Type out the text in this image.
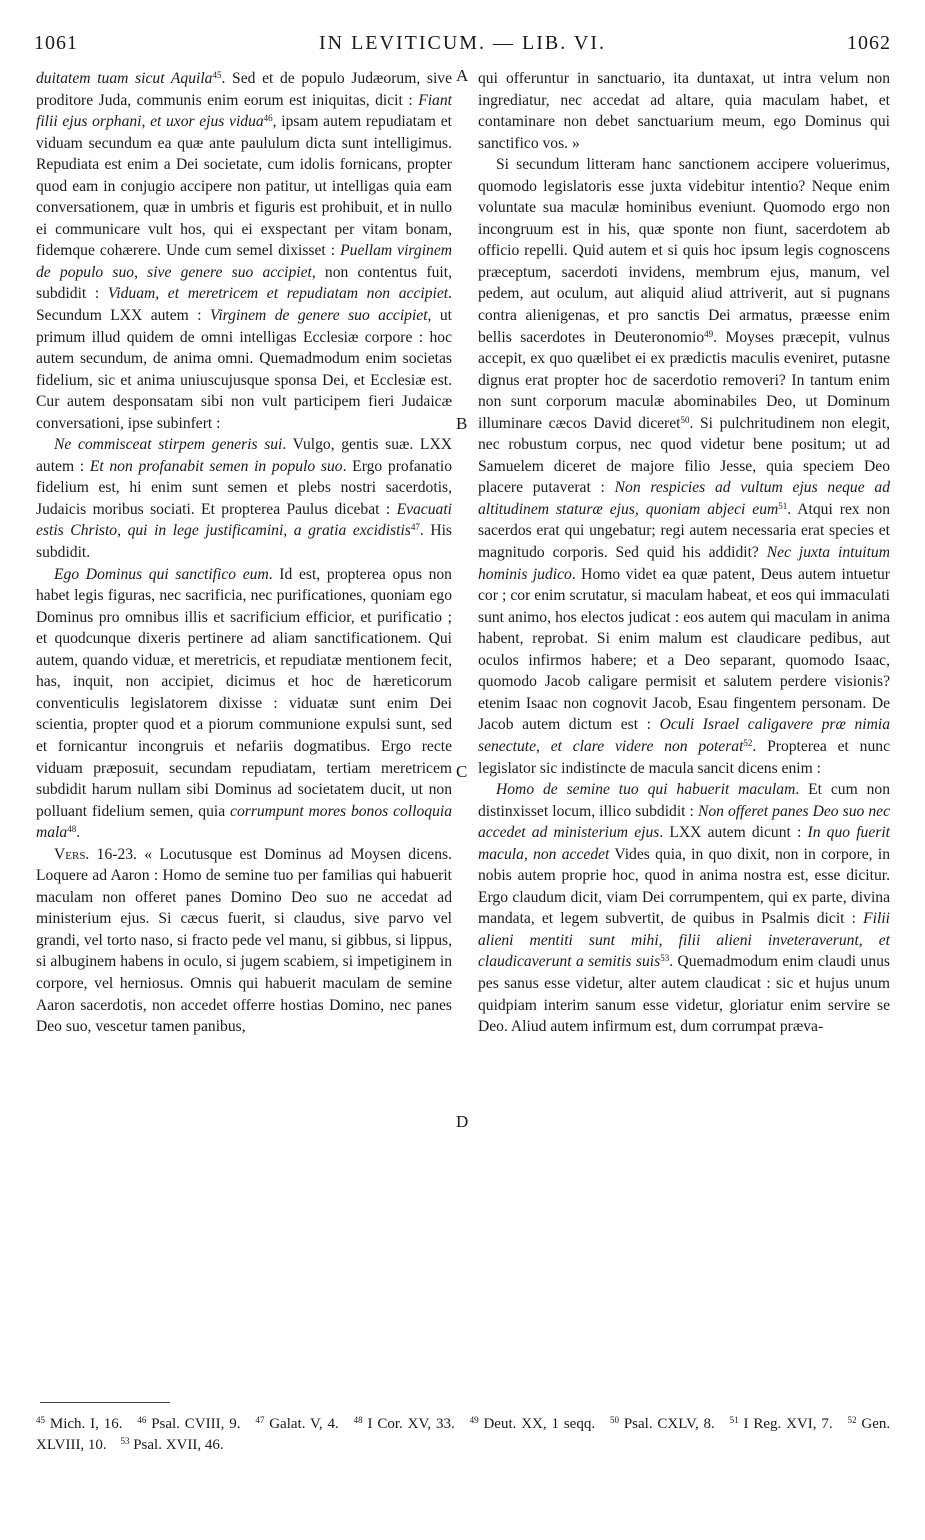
1061	IN LEVITICUM. — LIB. VI.	1062

duitatem tuam sicut Aquila$^{45}$. Sed et de populo Judæorum, sive proditore Juda, communis enim eorum est iniquitas, dicit : Fiant filii ejus orphani, et uxor ejus vidua$^{46}$, ipsam autem repudiatam et viduam secundum ea quæ ante paululum dicta sunt intelligimus. Repudiata est enim a Dei societate, cum idolis fornicans, propter quod eam in conjugio accipere non patitur, ut intelligas quia eam conversationem, quæ in umbris et figuris est prohibuit, et in nullo ei communicare vult hos, qui ei exspectant per vitam bonam, fidemque cohærere. Unde cum semel dixisset : Puellam virginem de populo suo, sive genere suo accipiet, non contentus fuit, subdidit : Viduam, et meretricem et repudiatam non accipiet. Secundum LXX autem : Virginem de genere suo accipiet, ut primum illud quidem de omni intelligas Ecclesiæ corpore : hoc autem secundum, de anima omni. Quemadmodum enim societas fidelium, sic et anima uniuscujusque sponsa Dei, et Ecclesiæ est. Cur autem desponsatam sibi non vult participem fieri Judaicæ conversationi, ipse subinfert :

Ne commisceat stirpem generis sui. Vulgo, gentis suæ. LXX autem : Et non profanabit semen in populo suo. Ergo profanatio fidelium est, hi enim sunt semen et plebs nostri sacerdotis, Judaicis moribus sociati. Et propterea Paulus dicebat : Evacuati estis Christo, qui in lege justificamini, a gratia excidistis$^{47}$. His subdidit.

Ego Dominus qui sanctifico eum. Id est, propterea opus non habet legis figuras, nec sacrificia, nec purificationes, quoniam ego Dominus pro omnibus illis et sacrificium efficior, et purificatio ; et quodcunque dixeris pertinere ad aliam sanctificationem. Qui autem, quando viduæ, et meretricis, et repudiatæ mentionem fecit, has, inquit, non accipiet, dicimus et hoc de hæreticorum conventiculis legislatorem dixisse : viduatæ sunt enim Dei scientia, propter quod et a piorum communione expulsi sunt, sed et fornicantur incongruis et nefariis dogmatibus. Ergo recte viduam præposuit, secundam repudiatam, tertiam meretricem subdidit harum nullam sibi Dominus ad societatem ducit, ut non polluant fidelium semen, quia corrumpunt mores bonos colloquia mala$^{48}$.

Vers. 16-23. « Locutusque est Dominus ad Moysen dicens. Loquere ad Aaron : Homo de semine tuo per familias qui habuerit maculam non offeret panes Domino Deo suo ne accedat ad ministerium ejus. Si cæcus fuerit, si claudus, sive parvo vel grandi, vel torto naso, si fracto pede vel manu, si gibbus, si lippus, si albuginem habens in oculo, si jugem scabiem, si impetiginem in corpore, vel herniosus. Omnis qui habuerit maculam de semine Aaron sacerdotis, non accedet offerre hostias Domino, nec panes Deo suo, vescetur tamen panibus,

qui offeruntur in sanctuario, ita duntaxat, ut intra velum non ingrediatur, nec accedat ad altare, quia maculam habet, et contaminare non debet sanctuarium meum, ego Dominus qui sanctifico vos. »

Si secundum litteram hanc sanctionem accipere voluerimus, quomodo legislatoris esse juxta videbitur intentio? Neque enim voluntate sua maculæ hominibus eveniunt. Quomodo ergo non incongruum est in his, quæ sponte non fiunt, sacerdotem ab officio repelli. Quid autem et si quis hoc ipsum legis cognoscens præceptum, sacerdoti invidens, membrum ejus, manum, vel pedem, aut oculum, aut aliquid aliud attriverit, aut si pugnans contra alienigenas, et pro sanctis Dei armatus, præesse enim bellis sacerdotes in Deuteronomio$^{49}$. Moyses præcepit, vulnus accepit, ex quo quælibet ei ex prædictis maculis eveniret, putasne dignus erat propter hoc de sacerdotio removeri? In tantum enim non sunt corporum maculæ abominabiles Deo, ut Dominum illuminare cæcos David diceret$^{50}$. Si pulchritudinem non elegit, nec robustum corpus, nec quod videtur bene positum; ut ad Samuelem diceret de majore filio Jesse, quia speciem Deo placere putaverat : Non respicies ad vultum ejus neque ad altitudinem staturæ ejus, quoniam abjeci eum$^{51}$. Atqui rex non sacerdos erat qui ungebatur; regi autem necessaria erat species et magnitudo corporis. Sed quid his addidit? Nec juxta intuitum hominis judico. Homo videt ea quæ patent, Deus autem intuetur cor ; cor enim scrutatur, si maculam habeat, et eos qui immaculati sunt animo, hos electos judicat : eos autem qui maculam in anima habent, reprobat. Si enim malum est claudicare pedibus, aut oculos infirmos habere; et a Deo separant, quomodo Isaac, quomodo Jacob caligare permisit et salutem perdere visionis? etenim Isaac non cognovit Jacob, Esau fingentem personam. De Jacob autem dictum est : Oculi Israel caligavere præ nimia senectute, et clare videre non poterat$^{52}$. Propterea et nunc legislator sic indistincte de macula sancit dicens enim :

Homo de semine tuo qui habuerit maculam. Et cum non distinxisset locum, illico subdidit : Non offeret panes Deo suo nec accedet ad ministerium ejus. LXX autem dicunt : In quo fuerit macula, non accedet Vides quia, in quo dixit, non in corpore, in nobis autem proprie hoc, quod in anima nostra est, esse dicitur. Ergo claudum dicit, viam Dei corrumpentem, qui ex parte, divina mandata, et legem subvertit, de quibus in Psalmis dicit : Filii alieni mentiti sunt mihi, filii alieni inveteraverunt, et claudicaverunt a semitis suis$^{53}$. Quemadmodum enim claudi unus pes sanus esse videtur, alter autem claudicat : sic et hujus unum quidpiam interim sanum esse videtur, gloriatur enim servire se Deo. Aliud autem infirmum est, dum corrumpat præva-

A
B
C
D
$^{45}$ Mich. I, 16. $^{46}$ Psal. CVIII, 9. $^{47}$ Galat. V, 4. $^{48}$ I Cor. XV, 33. $^{49}$ Deut. XX, 1 seqq. $^{50}$ Psal. CXLV, 8. $^{51}$ I Reg. XVI, 7. $^{52}$ Gen. XLVIII, 10. $^{53}$ Psal. XVII, 46.
